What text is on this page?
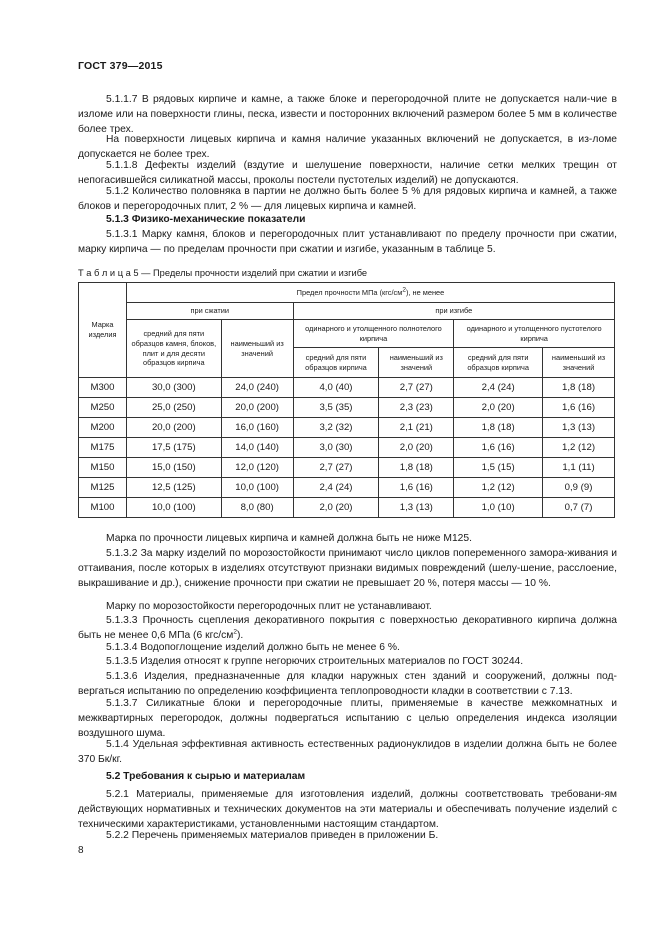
ГОСТ 379—2015
5.1.1.7 В рядовых кирпиче и камне, а также блоке и перегородочной плите не допускается нали-чие в изломе или на поверхности глины, песка, извести и посторонних включений размером более 5 мм в количестве более трех.
На поверхности лицевых кирпича и камня наличие указанных включений не допускается, в из-ломе допускается не более трех.
5.1.1.8 Дефекты изделий (вздутие и шелушение поверхности, наличие сетки мелких трещин от непогасившейся силикатной массы, проколы постели пустотелых изделий) не допускаются.
5.1.2 Количество половняка в партии не должно быть более 5 % для рядовых кирпича и камней, а также блоков и перегородочных плит, 2 % — для лицевых кирпича и камней.
5.1.3 Физико-механические показатели
5.1.3.1 Марку камня, блоков и перегородочных плит устанавливают по пределу прочности при сжатии, марку кирпича — по пределам прочности при сжатии и изгибе, указанным в таблице 5.
Т а б л и ц а 5 — Пределы прочности изделий при сжатии и изгибе
Марка изделия	Предел прочности МПа $(кгс/см^2)$, не менее					
	при сжатии		при изгибе			
	средний для пяти образцов камня, блоков, плит и для десяти образцов кирпича	наименьший из значений	одинарного и утолщенного полнотелого кирпича		одинарного и утолщенного пустотелого кирпича	
			средний для пяти образцов кирпича	наименьший из значений	средний для пяти образцов кирпича	наименьший из значений
М300	30,0 (300)	24,0 (240)	4,0 (40)	2,7 (27)	2,4 (24)	1,8 (18)
М250	25,0 (250)	20,0 (200)	3,5 (35)	2,3 (23)	2,0 (20)	1,6 (16)
М200	20,0 (200)	16,0 (160)	3,2 (32)	2,1 (21)	1,8 (18)	1,3 (13)
М175	17,5 (175)	14,0 (140)	3,0 (30)	2,0 (20)	1,6 (16)	1,2 (12)
М150	15,0 (150)	12,0 (120)	2,7 (27)	1,8 (18)	1,5 (15)	1,1 (11)
М125	12,5 (125)	10,0 (100)	2,4 (24)	1,6 (16)	1,2 (12)	0,9 (9)
М100	10,0 (100)	8,0 (80)	2,0 (20)	1,3 (13)	1,0 (10)	0,7 (7)
Марка по прочности лицевых кирпича и камней должна быть не ниже М125.
5.1.3.2 За марку изделий по морозостойкости принимают число циклов попеременного замора-живания и оттаивания, после которых в изделиях отсутствуют признаки видимых повреждений (шелу-шение, расслоение, выкрашивание и др.), снижение прочности при сжатии не превышает 20 %, потеря массы — 10 %.
Марку по морозостойкости перегородочных плит не устанавливают.
5.1.3.3 Прочность сцепления декоративного покрытия с поверхностью декоративного кирпича должна быть не менее 0,6 МПа (6 кгс/$см^2$).
5.1.3.4 Водопоглощение изделий должно быть не менее 6 %.
5.1.3.5 Изделия относят к группе негорючих строительных материалов по ГОСТ 30244.
5.1.3.6 Изделия, предназначенные для кладки наружных стен зданий и сооружений, должны под-вергаться испытанию по определению коэффициента теплопроводности кладки в соответствии с 7.13.
5.1.3.7 Силикатные блоки и перегородочные плиты, применяемые в качестве межкомнатных и межквартирных перегородок, должны подвергаться испытанию с целью определения индекса изоляции воздушного шума.
5.1.4 Удельная эффективная активность естественных радионуклидов в изделии должна быть не более 370 Бк/кг.
5.2 Требования к сырью и материалам
5.2.1 Материалы, применяемые для изготовления изделий, должны соответствовать требовани-ям действующих нормативных и технических документов на эти материалы и обеспечивать получение изделий с техническими характеристиками, установленными настоящим стандартом.
5.2.2 Перечень применяемых материалов приведен в приложении Б.
8
